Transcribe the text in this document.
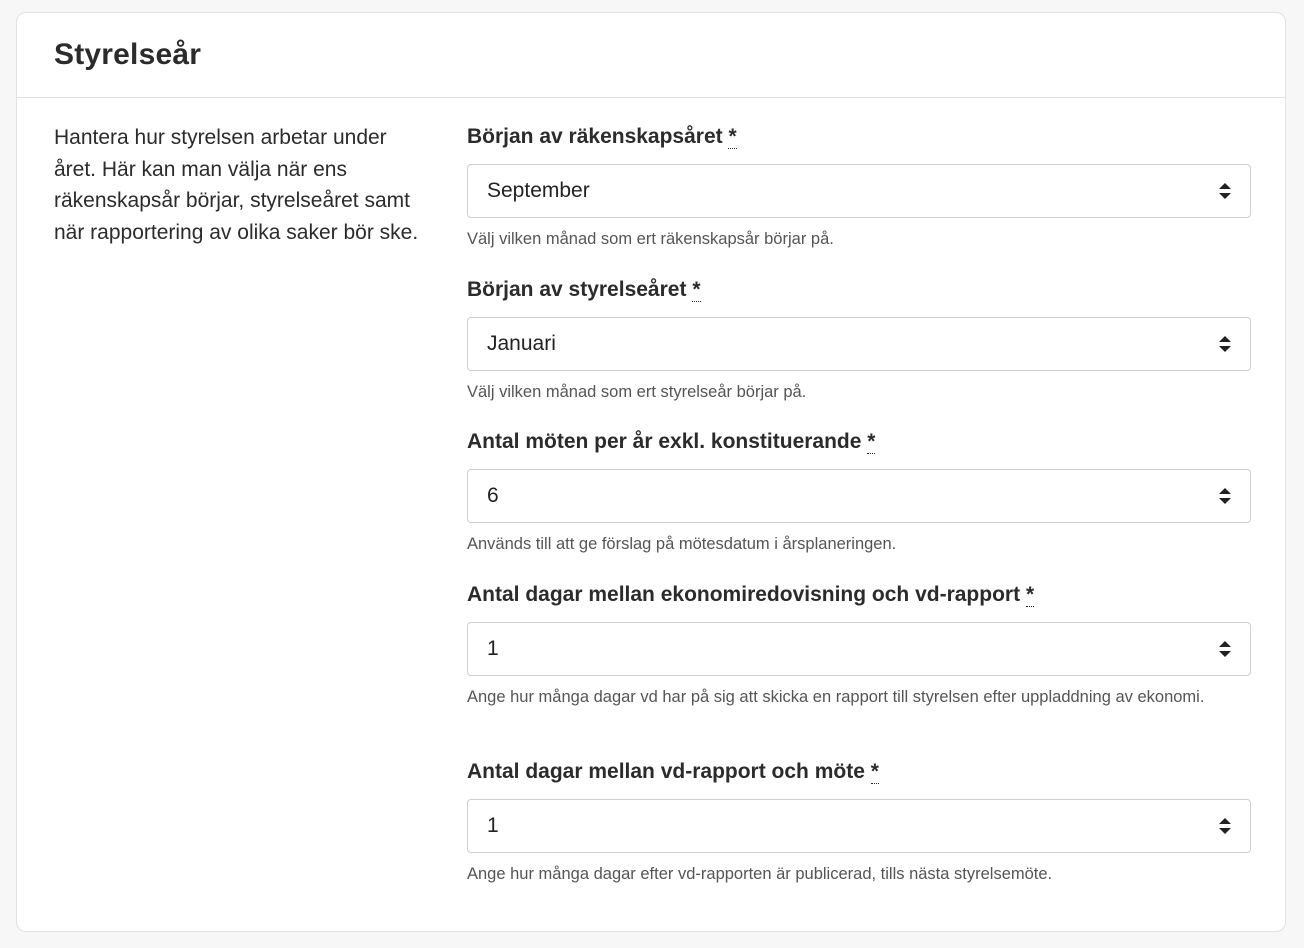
Styrelseår
Hantera hur styrelsen arbetar under året. Här kan man välja när ens räkenskapsår börjar, styrelseåret samt när rapportering av olika saker bör ske.
Början av räkenskapsåret *
September
Välj vilken månad som ert räkenskapsår börjar på.
Början av styrelseåret *
Januari
Välj vilken månad som ert styrelseår börjar på.
Antal möten per år exkl. konstituerande *
6
Används till att ge förslag på mötesdatum i årsplaneringen.
Antal dagar mellan ekonomiredovisning och vd-rapport *
1
Ange hur många dagar vd har på sig att skicka en rapport till styrelsen efter uppladdning av ekonomi.
Antal dagar mellan vd-rapport och möte *
1
Ange hur många dagar efter vd-rapporten är publicerad, tills nästa styrelsemöte.
